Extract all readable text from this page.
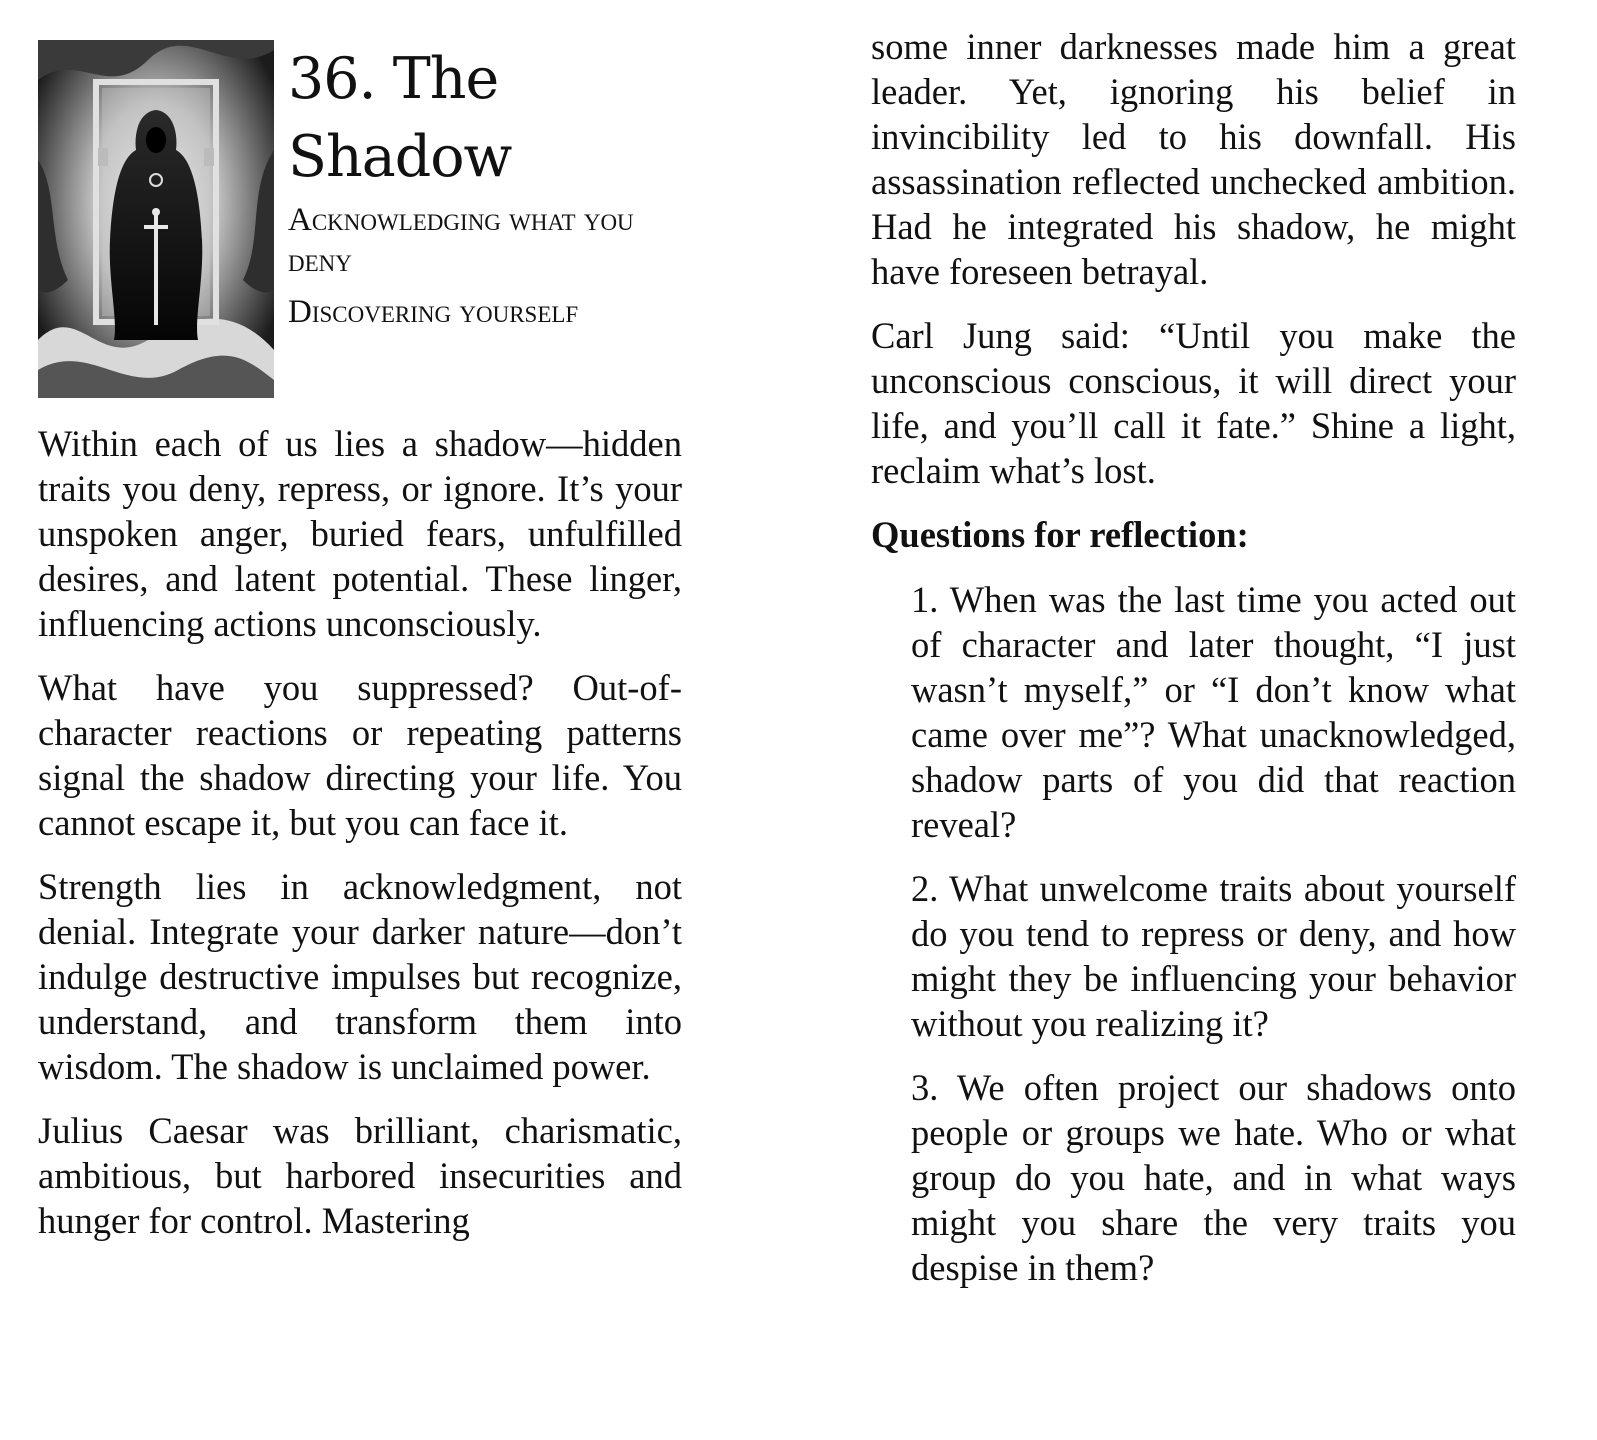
36. The
Shadow
Acknowledging what you deny
Discovering yourself

Within each of us lies a shadow—hidden traits you deny, repress, or ignore. It’s your unspoken anger, buried fears, unfulfilled desires, and latent potential. These linger, influencing actions unconsciously.

What have you suppressed? Out-of-character reactions or repeating patterns signal the shadow directing your life. You cannot escape it, but you can face it.

Strength lies in acknowledgment, not denial. Integrate your darker nature—don’t indulge destructive impulses but recognize, understand, and transform them into wisdom. The shadow is unclaimed power.

Julius Caesar was brilliant, charismatic, ambitious, but harbored insecurities and hunger for control. Mastering

some inner darknesses made him a great leader. Yet, ignoring his belief in invincibility led to his downfall. His assassination reflected unchecked ambition. Had he integrated his shadow, he might have foreseen betrayal.

Carl Jung said: “Until you make the unconscious conscious, it will direct your life, and you’ll call it fate.” Shine a light, reclaim what’s lost.

Questions for reflection:
1. When was the last time you acted out of character and later thought, “I just wasn’t myself,” or “I don’t know what came over me”? What unacknowledged, shadow parts of you did that reaction reveal?
2. What unwelcome traits about yourself do you tend to repress or deny, and how might they be influencing your behavior without you realizing it?
3. We often project our shadows onto people or groups we hate. Who or what group do you hate, and in what ways might you share the very traits you despise in them?
